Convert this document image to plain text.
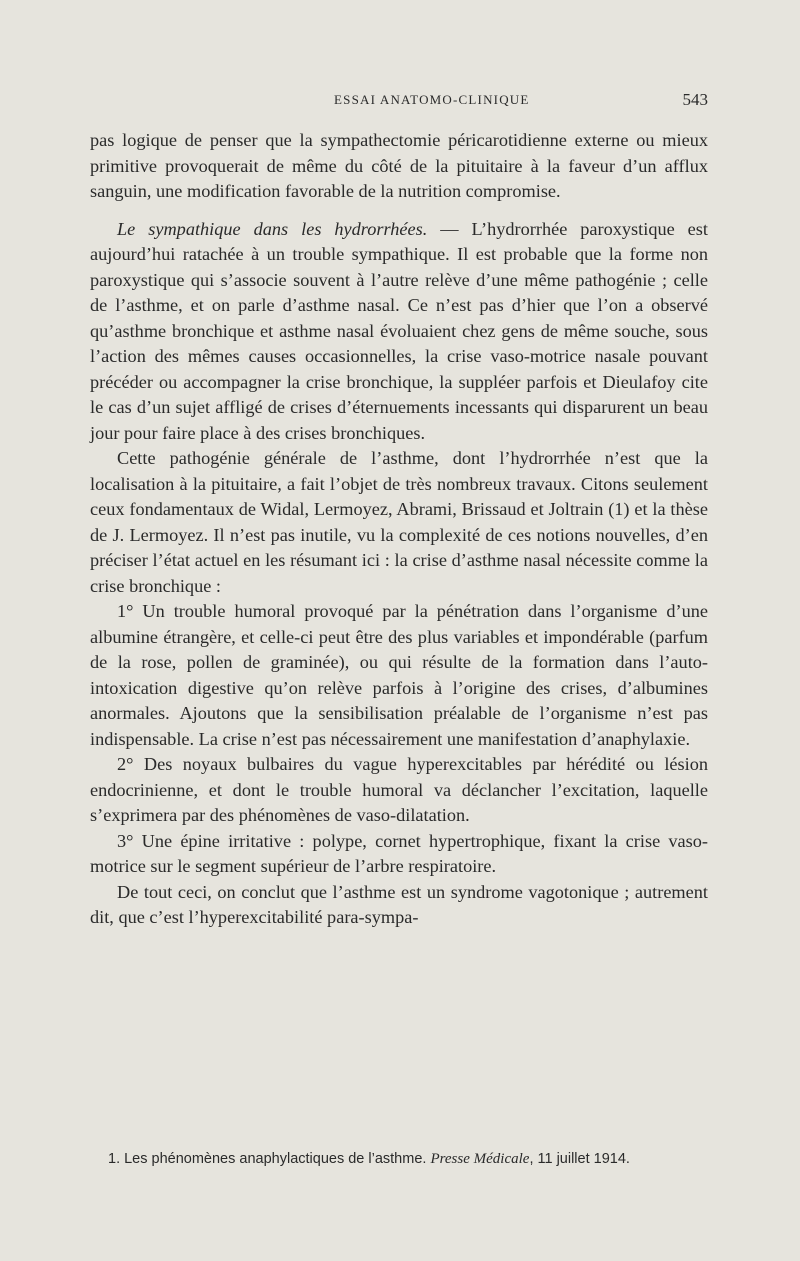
ESSAI ANATOMO-CLINIQUE	543

pas logique de penser que la sympathectomie péricarotidienne externe ou mieux primitive provoquerait de même du côté de la pituitaire à la faveur d’un afflux sanguin, une modification favorable de la nutrition compromise.

Le sympathique dans les hydrorrhées. — L’hydrorrhée paroxystique est aujourd’hui ratachée à un trouble sympathique. Il est probable que la forme non paroxystique qui s’associe souvent à l’autre relève d’une même pathogénie ; celle de l’asthme, et on parle d’asthme nasal. Ce n’est pas d’hier que l’on a observé qu’asthme bronchique et asthme nasal évoluaient chez gens de même souche, sous l’action des mêmes causes occasionnelles, la crise vaso-motrice nasale pouvant précéder ou accompagner la crise bronchique, la suppléer parfois et Dieulafoy cite le cas d’un sujet affligé de crises d’éternuements incessants qui disparurent un beau jour pour faire place à des crises bronchiques.

Cette pathogénie générale de l’asthme, dont l’hydrorrhée n’est que la localisation à la pituitaire, a fait l’objet de très nombreux travaux. Citons seulement ceux fondamentaux de Widal, Lermoyez, Abrami, Brissaud et Joltrain (1) et la thèse de J. Lermoyez. Il n’est pas inutile, vu la complexité de ces notions nouvelles, d’en préciser l’état actuel en les résumant ici : la crise d’asthme nasal nécessite comme la crise bronchique :

1° Un trouble humoral provoqué par la pénétration dans l’organisme d’une albumine étrangère, et celle-ci peut être des plus variables et impondérable (parfum de la rose, pollen de graminée), ou qui résulte de la formation dans l’auto-intoxication digestive qu’on relève parfois à l’origine des crises, d’albumines anormales. Ajoutons que la sensibilisation préalable de l’organisme n’est pas indispensable. La crise n’est pas nécessairement une manifestation d’anaphylaxie.

2° Des noyaux bulbaires du vague hyperexcitables par hérédité ou lésion endocrinienne, et dont le trouble humoral va déclancher l’excitation, laquelle s’exprimera par des phénomènes de vaso-dilatation.

3° Une épine irritative : polype, cornet hypertrophique, fixant la crise vaso-motrice sur le segment supérieur de l’arbre respiratoire.

De tout ceci, on conclut que l’asthme est un syndrome vagotonique ; autrement dit, que c’est l’hyperexcitabilité para-sympa-

1. Les phénomènes anaphylactiques de l’asthme. Presse Médicale, 11 juillet 1914.
